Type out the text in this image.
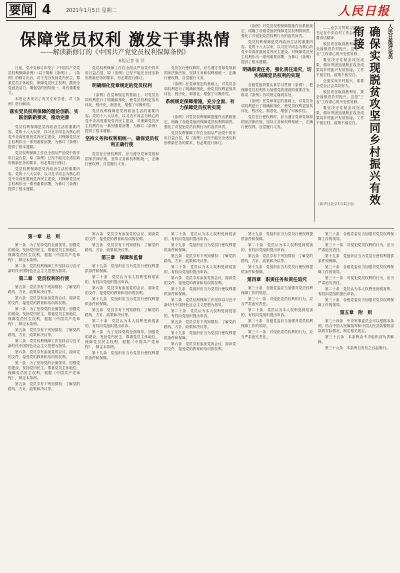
要闻 4	2021年1月5日 星期二	人民日报
保障党员权利 激发干事热情
——解读新修订的《中国共产党党员权利保障条例》
本报记者 张 洋

日前，党中央修订印发了《中国共产党党员权利保障条例》（以下简称《条例》）。《条例》的修订出台，对于充分发扬党内民主，尊重党员主体地位，保障党员民主权利，激发全党创造活力，增强党的团结统一，具有重要意义。

本报记者采访了有关专家学者，对《条例》进行解读。

落实党员权利保障的理论创新、实践创新新要求，推动完善

党员权利保障是党内政治生活的重要内容。党的十八大以来，以习近平同志为核心的党中央高度重视党内民主建设，对保障党员民主权利作出一系列重要部署，为修订《条例》提供了根本遵循。

党员权利保障工作在全面从严治党中的作用日益凸显，原《条例》已经不能完全适应新形势新任务的要求，有必要进行修订。

党员权利保障是党内政治生活的重要内容。党的十八大以来，以习近平同志为核心的党中央高度重视党内民主建设，对保障党员民主权利作出一系列重要部署，为修订《条例》提供了根本遵循。

党员权利保障工作在全面从严治党中的作用日益凸显，原《条例》已经不能完全适应新形势新任务的要求，有必要进行修订。

明确细化党章规定的党员权利

《条例》在党章规定的基础上，对党员各项权利进行了明确和细化，使党员权利更加具体化、程序化、制度化，增强了可操作性。

党员权利保障是党内政治生活的重要内容。党的十八大以来，以习近平同志为核心的党中央高度重视党内民主建设，对保障党员民主权利作出一系列重要部署，为修订《条例》提供了根本遵循。

坚持义务和权利相统一，确保党员权利正确行使

党员在行使权利时，应当遵守党章党规和国家法律法规，坚持义务和权利相统一，正确行使权利，自觉履行义务。

党员在行使权利时，应当遵守党章党规和国家法律法规，坚持义务和权利相统一，正确行使权利，自觉履行义务。

《条例》在党章规定的基础上，对党员各项权利进行了明确和细化，使党员权利更加具体化、程序化、制度化，增强了可操作性。

系统规定保障措施，充分全面、有力保障党员权利实现

《条例》对党员权利保障措施作出系统规定，明确了各级党组织保障党员权利的职责，强化了对侵犯党员权利行为的追责问责。

党员权利保障工作在全面从严治党中的作用日益凸显，原《条例》已经不能完全适应新形势新任务的要求，有必要进行修订。

《条例》对党员权利保障措施作出系统规定，明确了各级党组织保障党员权利的职责，强化了对侵犯党员权利行为的追责问责。

党员权利保障是党内政治生活的重要内容。党的十八大以来，以习近平同志为核心的党中央高度重视党内民主建设，对保障党员民主权利作出一系列重要部署，为修订《条例》提供了根本遵循。

明确职责任务，强化责任追究，切实保障党员权利的实现

各级党组织要认真学习贯彻《条例》，把保障党员权利作为加强党的建设的重要任务，推动《条例》各项规定落到实处。

《条例》在党章规定的基础上，对党员各项权利进行了明确和细化，使党员权利更加具体化、程序化、制度化，增强了可操作性。

党员在行使权利时，应当遵守党章党规和国家法律法规，坚持义务和权利相统一，正确行使权利，自觉履行义务。

人民日报评论员
确保实现脱贫攻坚同乡村振兴有效衔接

——论学习贯彻习近平总书记在中央农村工作会议上重要讲话精神

脱贫攻坚取得胜利后，要全面推进乡村振兴，这是“三农”工作重心的历史性转移。

要坚决守住脱贫攻坚成果，做好巩固拓展脱贫攻坚成果同乡村振兴有效衔接，工作不留空档，政策不留空白。

全面实现乡村振兴，需要全党全社会共同努力。

脱贫攻坚取得胜利后，要全面推进乡村振兴，这是“三农”工作重心的历史性转移。

要坚决守住脱贫攻坚成果，做好巩固拓展脱贫攻坚成果同乡村振兴有效衔接，工作不留空档，政策不留空白。

（新华社北京1月4日电）
第一章　总　则

第一条　为了坚持党的全面领导，加强党的建设，发扬党内民主，尊重党员主体地位，保障党员民主权利，根据《中国共产党章程》，制定本条例。

第二条　党员权利保障工作坚持以习近平新时代中国特色社会主义思想为指导。

第二章　党员权利的行使

第五条　党员享有下列知情权：了解党的路线、方针、政策和决议等。

第六条　党员享有参加党的会议、阅读党的文件、接受党的教育和培训的权利。

第一条　为了坚持党的全面领导，加强党的建设，发扬党内民主，尊重党员主体地位，保障党员民主权利，根据《中国共产党章程》，制定本条例。

第五条　党员享有下列知情权：了解党的路线、方针、政策和决议等。

第二条　党员权利保障工作坚持以习近平新时代中国特色社会主义思想为指导。

第六条　党员享有参加党的会议、阅读党的文件、接受党的教育和培训的权利。

第一条　为了坚持党的全面领导，加强党的建设，发扬党内民主，尊重党员主体地位，保障党员民主权利，根据《中国共产党章程》，制定本条例。

第五条　党员享有下列知情权：了解党的路线、方针、政策和决议等。

第六条　党员享有参加党的会议、阅读党的文件、接受党的教育和培训的权利。

第五条　党员享有下列知情权：了解党的路线、方针、政策和决议等。

第三章　保障和监督

第十九条　党组织应当为党员行使权利提供条件和保障。

第二十条　党员认为本人权利受到侵害的，有权向党组织提出申诉。

第六条　党员享有参加党的会议、阅读党的文件、接受党的教育和培训的权利。

第十九条　党组织应当为党员行使权利提供条件和保障。

第五条　党员享有下列知情权：了解党的路线、方针、政策和决议等。

第二十条　党员认为本人权利受到侵害的，有权向党组织提出申诉。

第一条　为了坚持党的全面领导，加强党的建设，发扬党内民主，尊重党员主体地位，保障党员民主权利，根据《中国共产党章程》，制定本条例。

第十九条　党组织应当为党员行使权利提供条件和保障。

第二十条　党员认为本人权利受到侵害的，有权向党组织提出申诉。

第十九条　党组织应当为党员行使权利提供条件和保障。

第五条　党员享有下列知情权：了解党的路线、方针、政策和决议等。

第二十条　党员认为本人权利受到侵害的，有权向党组织提出申诉。

第六条　党员享有参加党的会议、阅读党的文件、接受党的教育和培训的权利。

第十九条　党组织应当为党员行使权利提供条件和保障。

第二条　党员权利保障工作坚持以习近平新时代中国特色社会主义思想为指导。

第二十条　党员认为本人权利受到侵害的，有权向党组织提出申诉。

第五条　党员享有下列知情权：了解党的路线、方针、政策和决议等。

第十九条　党组织应当为党员行使权利提供条件和保障。

第六条　党员享有参加党的会议、阅读党的文件、接受党的教育和培训的权利。

第十九条　党组织应当为党员行使权利提供条件和保障。

第二十条　党员认为本人权利受到侵害的，有权向党组织提出申诉。

第五条　党员享有下列知情权：了解党的路线、方针、政策和决议等。

第十九条　党组织应当为党员行使权利提供条件和保障。

第四章　职责任务和责任追究

第三十条　各级党委应当加强对党员权利保障工作的领导。

第三十一条　对侵犯党员权利的行为，应当严肃追究责任。

第二十条　党员认为本人权利受到侵害的，有权向党组织提出申诉。

第三十条　各级党委应当加强对党员权利保障工作的领导。

第三十一条　对侵犯党员权利的行为，应当严肃追究责任。

第三十条　各级党委应当加强对党员权利保障工作的领导。

第三十一条　对侵犯党员权利的行为，应当严肃追究责任。

第十九条　党组织应当为党员行使权利提供条件和保障。

第三十条　各级党委应当加强对党员权利保障工作的领导。

第三十一条　对侵犯党员权利的行为，应当严肃追究责任。

第二十条　党员认为本人权利受到侵害的，有权向党组织提出申诉。

第三十条　各级党委应当加强对党员权利保障工作的领导。

第五章　附　则

第三十四条　中央军事委员会可以根据本条例，结合中国人民解放军和中国人民武装警察部队的实际情况，制定相关规定。

第三十五条　本条例由中央组织部负责解释。

第三十六条　本条例自发布之日起施行。
